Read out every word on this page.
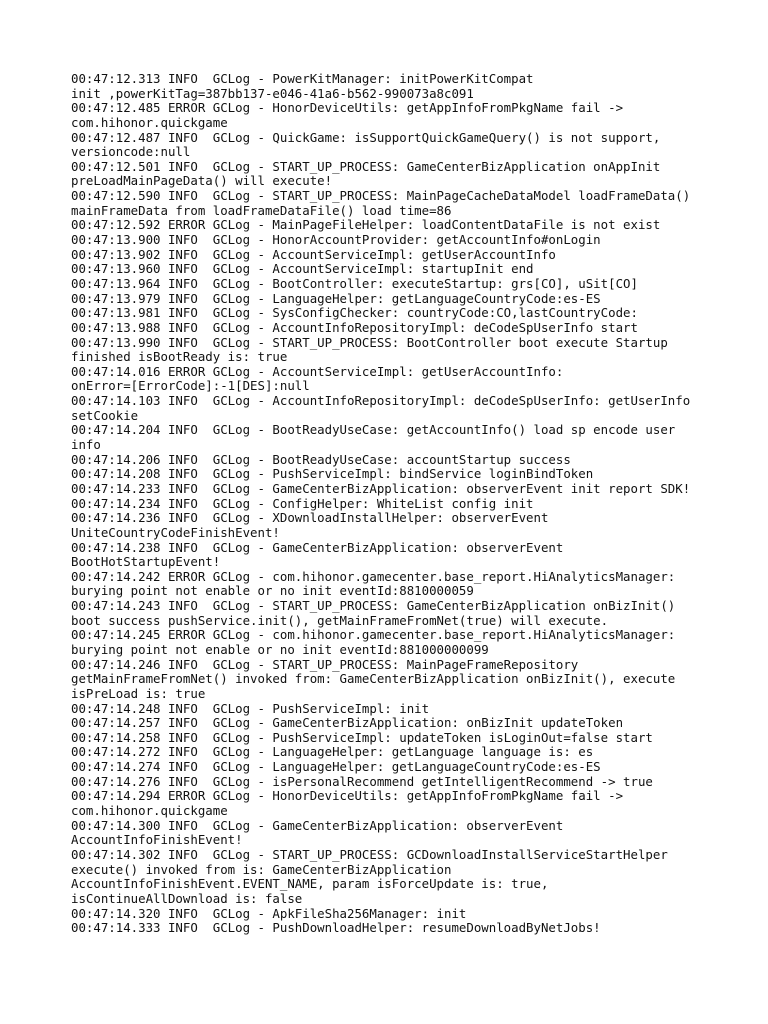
00:47:12.313 INFO  GCLog - PowerKitManager: initPowerKitCompat
init ,powerKitTag=387bb137-e046-41a6-b562-990073a8c091
00:47:12.485 ERROR GCLog - HonorDeviceUtils: getAppInfoFromPkgName fail ->
com.hihonor.quickgame
00:47:12.487 INFO  GCLog - QuickGame: isSupportQuickGameQuery() is not support,
versioncode:null
00:47:12.501 INFO  GCLog - START_UP_PROCESS: GameCenterBizApplication onAppInit
preLoadMainPageData() will execute!
00:47:12.590 INFO  GCLog - START_UP_PROCESS: MainPageCacheDataModel loadFrameData()
mainFrameData from loadFrameDataFile() load time=86
00:47:12.592 ERROR GCLog - MainPageFileHelper: loadContentDataFile is not exist
00:47:13.900 INFO  GCLog - HonorAccountProvider: getAccountInfo#onLogin
00:47:13.902 INFO  GCLog - AccountServiceImpl: getUserAccountInfo
00:47:13.960 INFO  GCLog - AccountServiceImpl: startupInit end
00:47:13.964 INFO  GCLog - BootController: executeStartup: grs[CO], uSit[CO]
00:47:13.979 INFO  GCLog - LanguageHelper: getLanguageCountryCode:es-ES
00:47:13.981 INFO  GCLog - SysConfigChecker: countryCode:CO,lastCountryCode:
00:47:13.988 INFO  GCLog - AccountInfoRepositoryImpl: deCodeSpUserInfo start
00:47:13.990 INFO  GCLog - START_UP_PROCESS: BootController boot execute Startup
finished isBootReady is: true
00:47:14.016 ERROR GCLog - AccountServiceImpl: getUserAccountInfo:
onError=[ErrorCode]:-1[DES]:null
00:47:14.103 INFO  GCLog - AccountInfoRepositoryImpl: deCodeSpUserInfo: getUserInfo
setCookie
00:47:14.204 INFO  GCLog - BootReadyUseCase: getAccountInfo() load sp encode user
info
00:47:14.206 INFO  GCLog - BootReadyUseCase: accountStartup success
00:47:14.208 INFO  GCLog - PushServiceImpl: bindService loginBindToken
00:47:14.233 INFO  GCLog - GameCenterBizApplication: observerEvent init report SDK!
00:47:14.234 INFO  GCLog - ConfigHelper: WhiteList config init
00:47:14.236 INFO  GCLog - XDownloadInstallHelper: observerEvent
UniteCountryCodeFinishEvent!
00:47:14.238 INFO  GCLog - GameCenterBizApplication: observerEvent
BootHotStartupEvent!
00:47:14.242 ERROR GCLog - com.hihonor.gamecenter.base_report.HiAnalyticsManager:
burying point not enable or no init eventId:8810000059
00:47:14.243 INFO  GCLog - START_UP_PROCESS: GameCenterBizApplication onBizInit()
boot success pushService.init(), getMainFrameFromNet(true) will execute.
00:47:14.245 ERROR GCLog - com.hihonor.gamecenter.base_report.HiAnalyticsManager:
burying point not enable or no init eventId:881000000099
00:47:14.246 INFO  GCLog - START_UP_PROCESS: MainPageFrameRepository
getMainFrameFromNet() invoked from: GameCenterBizApplication onBizInit(), execute
isPreLoad is: true
00:47:14.248 INFO  GCLog - PushServiceImpl: init
00:47:14.257 INFO  GCLog - GameCenterBizApplication: onBizInit updateToken
00:47:14.258 INFO  GCLog - PushServiceImpl: updateToken isLoginOut=false start
00:47:14.272 INFO  GCLog - LanguageHelper: getLanguage language is: es
00:47:14.274 INFO  GCLog - LanguageHelper: getLanguageCountryCode:es-ES
00:47:14.276 INFO  GCLog - isPersonalRecommend getIntelligentRecommend -> true
00:47:14.294 ERROR GCLog - HonorDeviceUtils: getAppInfoFromPkgName fail ->
com.hihonor.quickgame
00:47:14.300 INFO  GCLog - GameCenterBizApplication: observerEvent
AccountInfoFinishEvent!
00:47:14.302 INFO  GCLog - START_UP_PROCESS: GCDownloadInstallServiceStartHelper
execute() invoked from is: GameCenterBizApplication
AccountInfoFinishEvent.EVENT_NAME, param isForceUpdate is: true,
isContinueAllDownload is: false
00:47:14.320 INFO  GCLog - ApkFileSha256Manager: init
00:47:14.333 INFO  GCLog - PushDownloadHelper: resumeDownloadByNetJobs!
